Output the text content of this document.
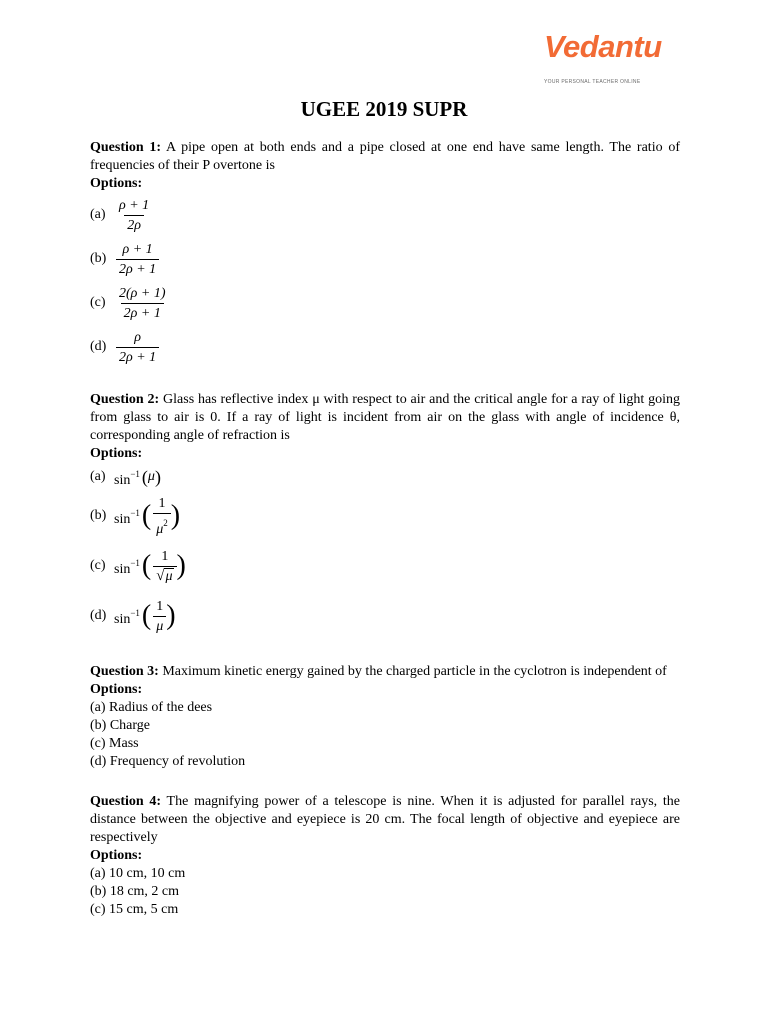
Vedantu
YOUR PERSONAL TEACHER ONLINE
UGEE 2019 SUPR

Question 1: A pipe open at both ends and a pipe closed at one end have same length. The ratio of frequencies of their P overtone is

Options:

$(a) \frac{\rho + 1}{2\rho}$
$(b) \frac{\rho + 1}{2\rho + 1}$
$(c) \frac{2(\rho + 1)}{2\rho + 1}$
$(d) \frac{\rho}{2\rho + 1}$

Question 2: Glass has reflective index μ with respect to air and the critical angle for a ray of light going from glass to air is 0. If a ray of light is incident from air on the glass with angle of incidence θ, corresponding angle of refraction is

Options:

(a) $\sin^{-1}$ ( μ )
(b) $\sin^{-1}$ ( $\frac{1}{\mu^2}$ )
(c) $\sin^{-1}$ ( $\frac{1}{√\mu}$ )
(d) $\sin^{-1}$ ( $\frac{1}{\mu}$ )

Question 3: Maximum kinetic energy gained by the charged particle in the cyclotron is independent of

Options:

(a) Radius of the dees

(b) Charge

(c) Mass

(d) Frequency of revolution

Question 4: The magnifying power of a telescope is nine. When it is adjusted for parallel rays, the distance between the objective and eyepiece is 20 cm. The focal length of objective and eyepiece are respectively

Options:

(a) 10 cm, 10 cm

(b) 18 cm, 2 cm

(c) 15 cm, 5 cm
